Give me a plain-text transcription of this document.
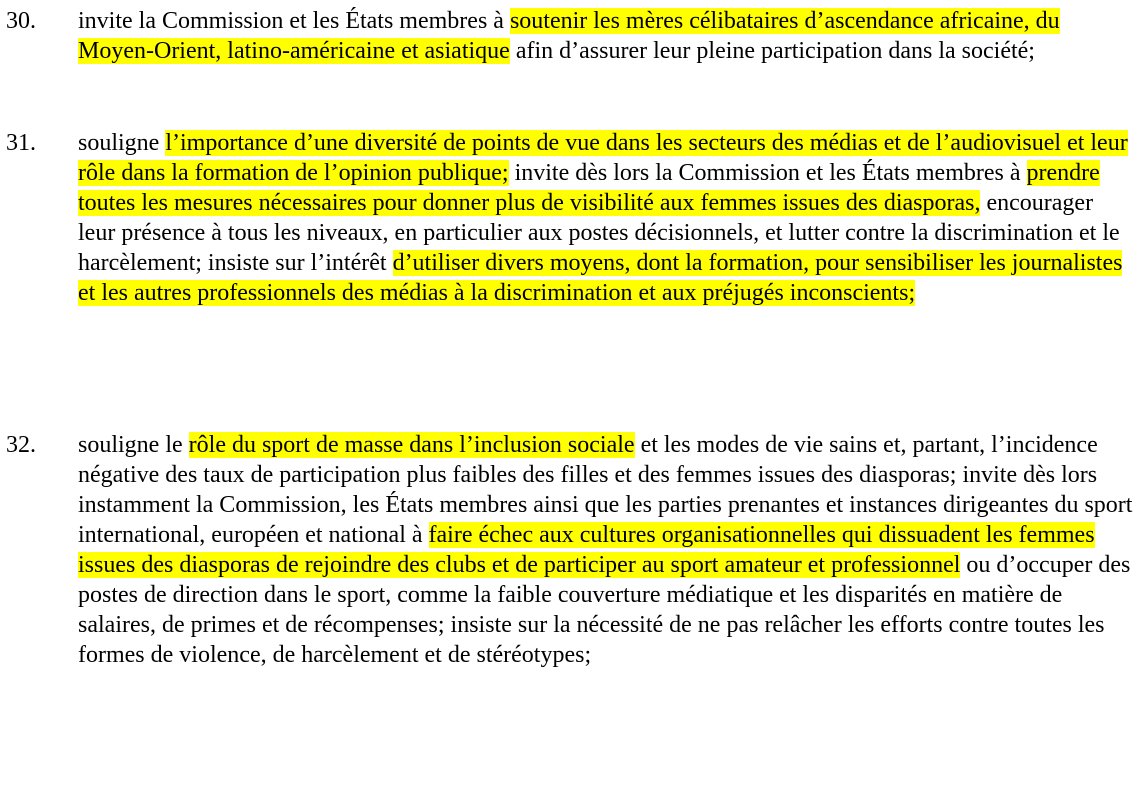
30. invite la Commission et les États membres à soutenir les mères célibataires d’ascendance africaine, du Moyen-Orient, latino-américaine et asiatique afin d’assurer leur pleine participation dans la société;
31. souligne l’importance d’une diversité de points de vue dans les secteurs des médias et de l’audiovisuel et leur rôle dans la formation de l’opinion publique; invite dès lors la Commission et les États membres à prendre toutes les mesures nécessaires pour donner plus de visibilité aux femmes issues des diasporas, encourager leur présence à tous les niveaux, en particulier aux postes décisionnels, et lutter contre la discrimination et le harcèlement; insiste sur l’intérêt d’utiliser divers moyens, dont la formation, pour sensibiliser les journalistes et les autres professionnels des médias à la discrimination et aux préjugés inconscients;
32. souligne le rôle du sport de masse dans l’inclusion sociale et les modes de vie sains et, partant, l’incidence négative des taux de participation plus faibles des filles et des femmes issues des diasporas; invite dès lors instamment la Commission, les États membres ainsi que les parties prenantes et instances dirigeantes du sport international, européen et national à faire échec aux cultures organisationnelles qui dissuadent les femmes issues des diasporas de rejoindre des clubs et de participer au sport amateur et professionnel ou d’occuper des postes de direction dans le sport, comme la faible couverture médiatique et les disparités en matière de salaires, de primes et de récompenses; insiste sur la nécessité de ne pas relâcher les efforts contre toutes les formes de violence, de harcèlement et de stéréotypes;
